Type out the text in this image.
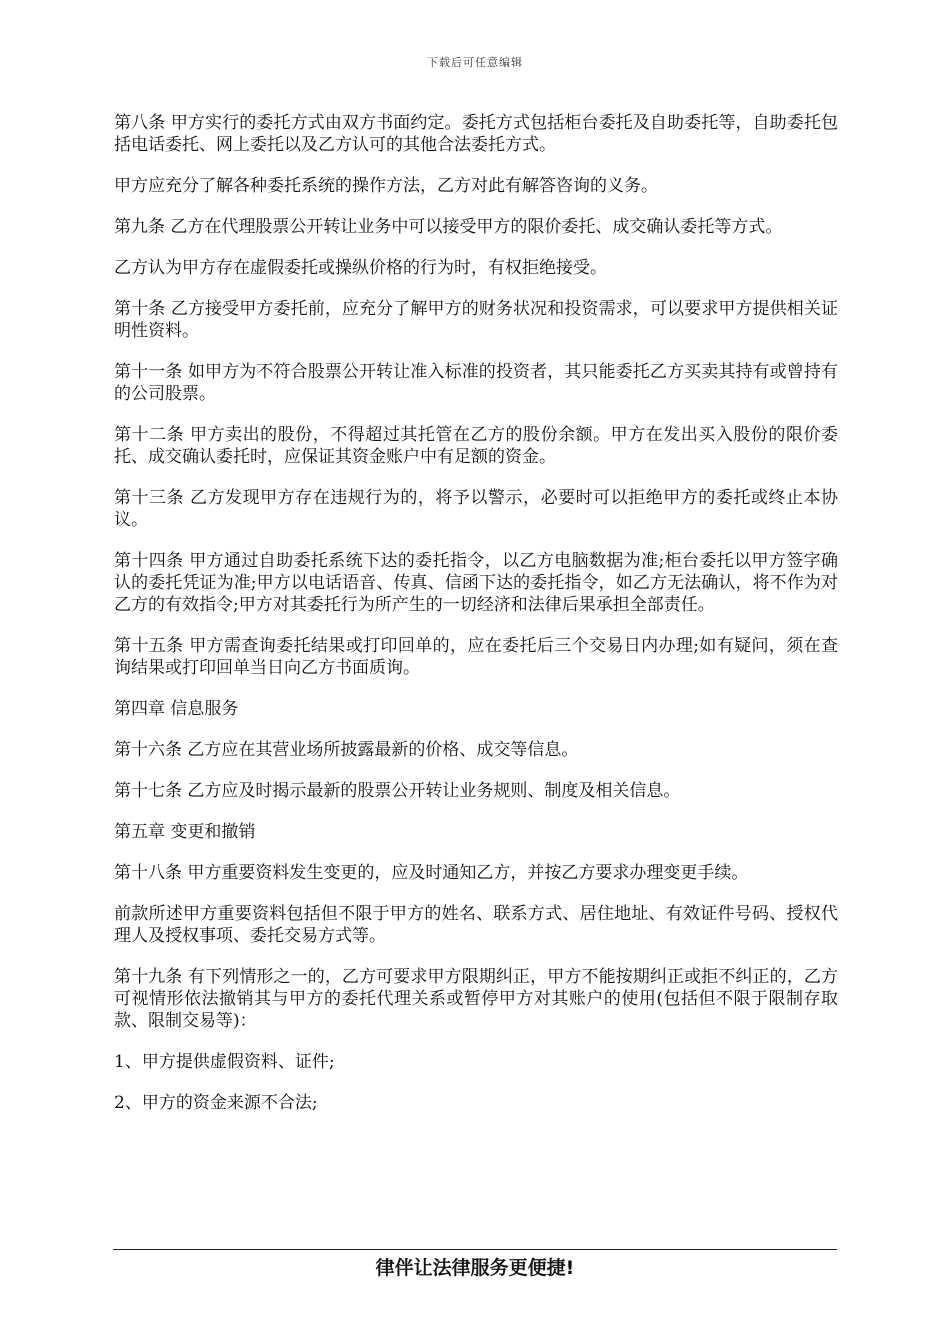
下载后可任意编辑

第八条 甲方实行的委托方式由双方书面约定。委托方式包括柜台委托及自助委托等，自助委托包括电话委托、网上委托以及乙方认可的其他合法委托方式。

甲方应充分了解各种委托系统的操作方法，乙方对此有解答咨询的义务。

第九条 乙方在代理股票公开转让业务中可以接受甲方的限价委托、成交确认委托等方式。

乙方认为甲方存在虚假委托或操纵价格的行为时，有权拒绝接受。

第十条 乙方接受甲方委托前，应充分了解甲方的财务状况和投资需求，可以要求甲方提供相关证明性资料。

第十一条 如甲方为不符合股票公开转让准入标准的投资者，其只能委托乙方买卖其持有或曾持有的公司股票。

第十二条 甲方卖出的股份，不得超过其托管在乙方的股份余额。甲方在发出买入股份的限价委托、成交确认委托时，应保证其资金账户中有足额的资金。

第十三条 乙方发现甲方存在违规行为的，将予以警示，必要时可以拒绝甲方的委托或终止本协议。

第十四条 甲方通过自助委托系统下达的委托指令，以乙方电脑数据为准;柜台委托以甲方签字确认的委托凭证为准;甲方以电话语音、传真、信函下达的委托指令，如乙方无法确认，将不作为对乙方的有效指令;甲方对其委托行为所产生的一切经济和法律后果承担全部责任。

第十五条 甲方需查询委托结果或打印回单的，应在委托后三个交易日内办理;如有疑问，须在查询结果或打印回单当日向乙方书面质询。

第四章 信息服务

第十六条 乙方应在其营业场所披露最新的价格、成交等信息。

第十七条 乙方应及时揭示最新的股票公开转让业务规则、制度及相关信息。

第五章 变更和撤销

第十八条 甲方重要资料发生变更的，应及时通知乙方，并按乙方要求办理变更手续。

前款所述甲方重要资料包括但不限于甲方的姓名、联系方式、居住地址、有效证件号码、授权代理人及授权事项、委托交易方式等。

第十九条 有下列情形之一的，乙方可要求甲方限期纠正，甲方不能按期纠正或拒不纠正的，乙方可视情形依法撤销其与甲方的委托代理关系或暂停甲方对其账户的使用(包括但不限于限制存取款、限制交易等)：

1、甲方提供虚假资料、证件;

2、甲方的资金来源不合法;

律伴让法律服务更便捷!
